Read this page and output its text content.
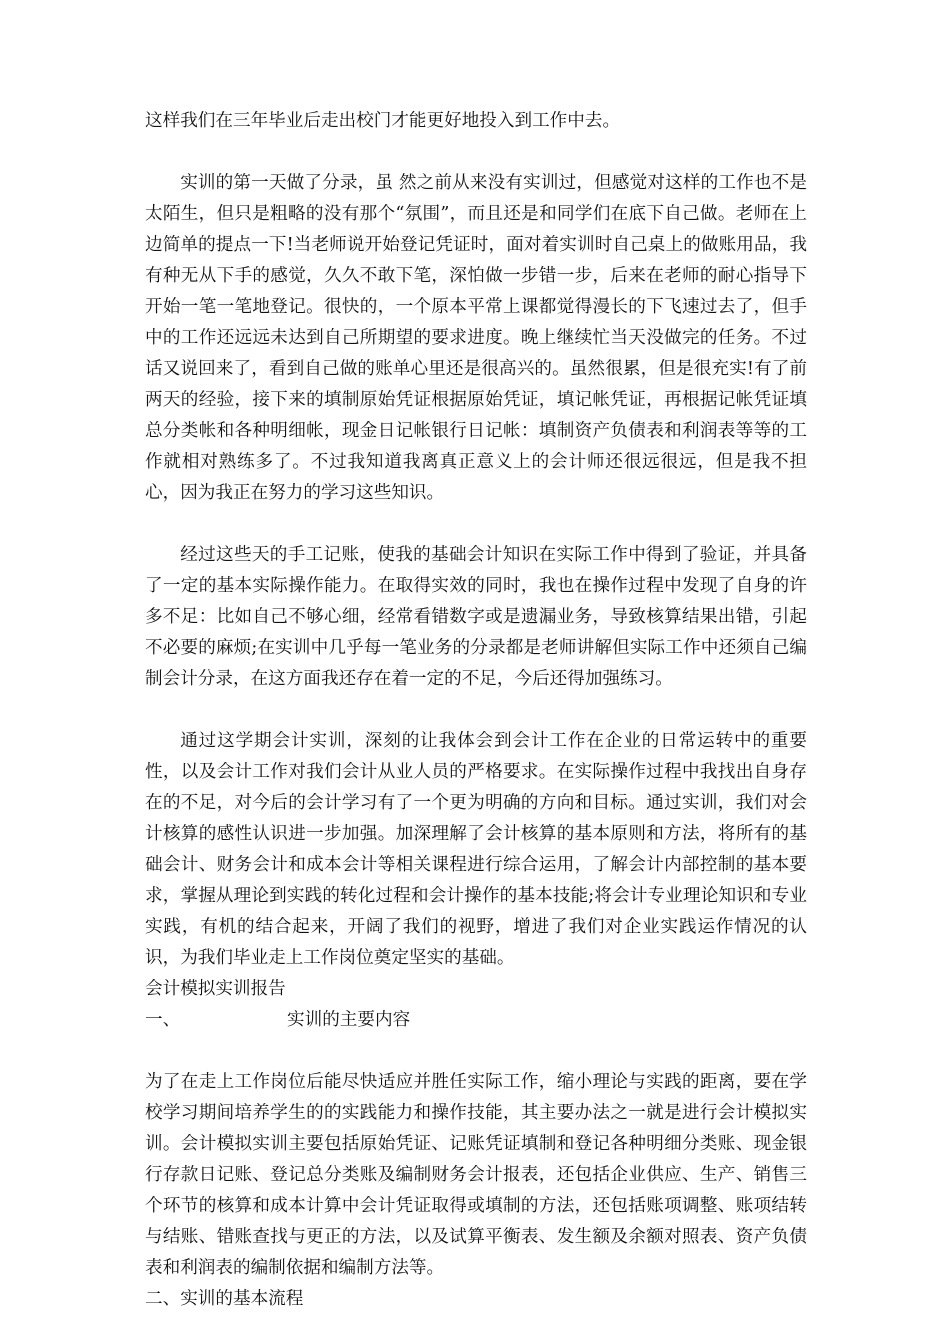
这样我们在三年毕业后走出校门才能更好地投入到工作中去。

实训的第一天做了分录，虽 然之前从来没有实训过，但感觉对这样的工作也不是太陌生，但只是粗略的没有那个“氛围”，而且还是和同学们在底下自己做。老师在上边简单的提点一下!当老师说开始登记凭证时，面对着实训时自己桌上的做账用品，我有种无从下手的感觉，久久不敢下笔，深怕做一步错一步，后来在老师的耐心指导下开始一笔一笔地登记。很快的，一个原本平常上课都觉得漫长的下飞速过去了，但手中的工作还远远未达到自己所期望的要求进度。晚上继续忙当天没做完的任务。不过话又说回来了，看到自己做的账单心里还是很高兴的。虽然很累，但是很充实!有了前两天的经验，接下来的填制原始凭证根据原始凭证，填记帐凭证，再根据记帐凭证填总分类帐和各种明细帐，现金日记帐银行日记帐：填制资产负债表和利润表等等的工作就相对熟练多了。不过我知道我离真正意义上的会计师还很远很远，但是我不担心，因为我正在努力的学习这些知识。

经过这些天的手工记账，使我的基础会计知识在实际工作中得到了验证，并具备了一定的基本实际操作能力。在取得实效的同时，我也在操作过程中发现了自身的许多不足：比如自己不够心细，经常看错数字或是遗漏业务，导致核算结果出错，引起不必要的麻烦;在实训中几乎每一笔业务的分录都是老师讲解但实际工作中还须自己编制会计分录，在这方面我还存在着一定的不足，今后还得加强练习。

通过这学期会计实训，深刻的让我体会到会计工作在企业的日常运转中的重要性，以及会计工作对我们会计从业人员的严格要求。在实际操作过程中我找出自身存在的不足，对今后的会计学习有了一个更为明确的方向和目标。通过实训，我们对会计核算的感性认识进一步加强。加深理解了会计核算的基本原则和方法，将所有的基础会计、财务会计和成本会计等相关课程进行综合运用，了解会计内部控制的基本要求，掌握从理论到实践的转化过程和会计操作的基本技能;将会计专业理论知识和专业实践，有机的结合起来，开阔了我们的视野，增进了我们对企业实践运作情况的认识，为我们毕业走上工作岗位奠定坚实的基础。

会计模拟实训报告

一、	实训的主要内容

为了在走上工作岗位后能尽快适应并胜任实际工作，缩小理论与实践的距离，要在学校学习期间培养学生的的实践能力和操作技能，其主要办法之一就是进行会计模拟实训。会计模拟实训主要包括原始凭证、记账凭证填制和登记各种明细分类账、现金银行存款日记账、登记总分类账及编制财务会计报表，还包括企业供应、生产、销售三个环节的核算和成本计算中会计凭证取得或填制的方法，还包括账项调整、账项结转与结账、错账查找与更正的方法，以及试算平衡表、发生额及余额对照表、资产负债表和利润表的编制依据和编制方法等。

二、实训的基本流程
